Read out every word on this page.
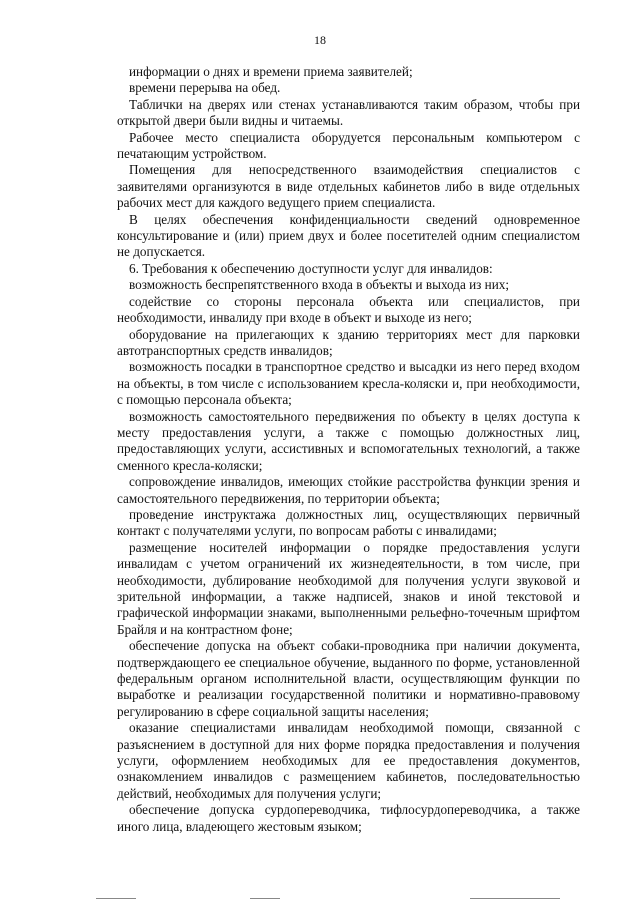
18

информации о днях и времени приема заявителей;

времени перерыва на обед.

Таблички на дверях или стенах устанавливаются таким образом, чтобы при открытой двери были видны и читаемы.

Рабочее место специалиста оборудуется персональным компьютером с печатающим устройством.

Помещения для непосредственного взаимодействия специалистов с заявителями организуются в виде отдельных кабинетов либо в виде отдельных рабочих мест для каждого ведущего прием специалиста.

В целях обеспечения конфиденциальности сведений одновременное консультирование и (или) прием двух и более посетителей одним специалистом не допускается.

6. Требования к обеспечению доступности услуг для инвалидов:

возможность беспрепятственного входа в объекты и выхода из них;

содействие со стороны персонала объекта или специалистов, при необходимости, инвалиду при входе в объект и выходе из него;

оборудование на прилегающих к зданию территориях мест для парковки автотранспортных средств инвалидов;

возможность посадки в транспортное средство и высадки из него перед входом на объекты, в том числе с использованием кресла-коляски и, при необходимости, с помощью персонала объекта;

возможность самостоятельного передвижения по объекту в целях доступа к месту предоставления услуги, а также с помощью должностных лиц, предоставляющих услуги, ассистивных и вспомогательных технологий, а также сменного кресла-коляски;

сопровождение инвалидов, имеющих стойкие расстройства функции зрения и самостоятельного передвижения, по территории объекта;

проведение инструктажа должностных лиц, осуществляющих первичный контакт с получателями услуги, по вопросам работы с инвалидами;

размещение носителей информации о порядке предоставления услуги инвалидам с учетом ограничений их жизнедеятельности, в том числе, при необходимости, дублирование необходимой для получения услуги звуковой и зрительной информации, а также надписей, знаков и иной текстовой и графической информации знаками, выполненными рельефно-точечным шрифтом Брайля и на контрастном фоне;

обеспечение допуска на объект собаки-проводника при наличии документа, подтверждающего ее специальное обучение, выданного по форме, установленной федеральным органом исполнительной власти, осуществляющим функции по выработке и реализации государственной политики и нормативно-правовому регулированию в сфере социальной защиты населения;

оказание специалистами инвалидам необходимой помощи, связанной с разъяснением в доступной для них форме порядка предоставления и получения услуги, оформлением необходимых для ее предоставления документов, ознакомлением инвалидов с размещением кабинетов, последовательностью действий, необходимых для получения услуги;

обеспечение допуска сурдопереводчика, тифлосурдопереводчика, а также иного лица, владеющего жестовым языком;
